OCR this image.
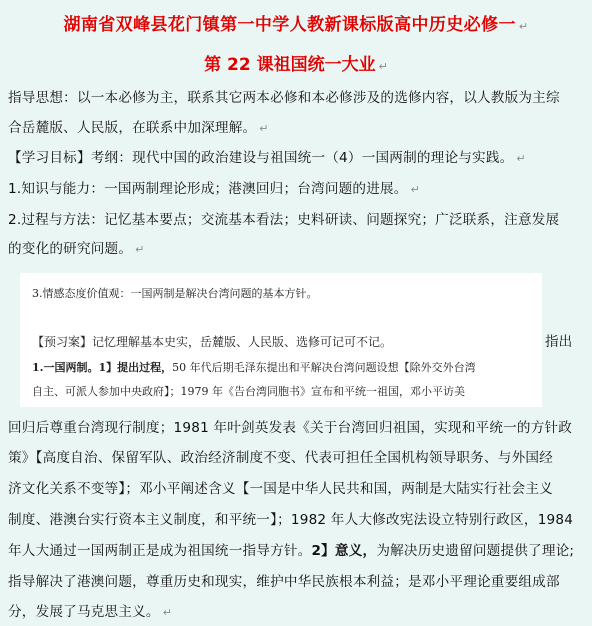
湖南省双峰县花门镇第一中学人教新课标版高中历史必修一 ↵
第 22 课祖国统一大业 ↵
指导思想：以一本必修为主，联系其它两本必修和本必修涉及的选修内容，以人教版为主综
合岳麓版、人民版，在联系中加深理解。 ↵
【学习目标】考纲：现代中国的政治建设与祖国统一（4）一国两制的理论与实践。 ↵
1.知识与能力：一国两制理论形成；港澳回归；台湾问题的进展。 ↵
2.过程与方法：记忆基本要点；交流基本看法；史料研读、问题探究；广泛联系，注意发展
的变化的研究问题。 ↵
3.情感态度价值观：一国两制是解决台湾问题的基本方针。
【预习案】记忆理解基本史实，岳麓版、人民版、选修可记可不记。
1.一国两制。1】提出过程，50 年代后期毛泽东提出和平解决台湾问题设想【除外交外台湾
自主、可派人参加中央政府】；1979 年《告台湾同胞书》宣布和平统一祖国，邓小平访美
指出
回归后尊重台湾现行制度；1981 年叶剑英发表《关于台湾回归祖国，实现和平统一的方针政
策》【高度自治、保留军队、政治经济制度不变、代表可担任全国机构领导职务、与外国经
济文化关系不变等】；邓小平阐述含义【一国是中华人民共和国，两制是大陆实行社会主义
制度、港澳台实行资本主义制度，和平统一】；1982 年人大修改宪法设立特别行政区，1984
年人大通过一国两制正是成为祖国统一指导方针。2】意义，为解决历史遗留问题提供了理论;
指导解决了港澳问题，尊重历史和现实，维护中华民族根本利益；是邓小平理论重要组成部
分，发展了马克思主义。 ↵
